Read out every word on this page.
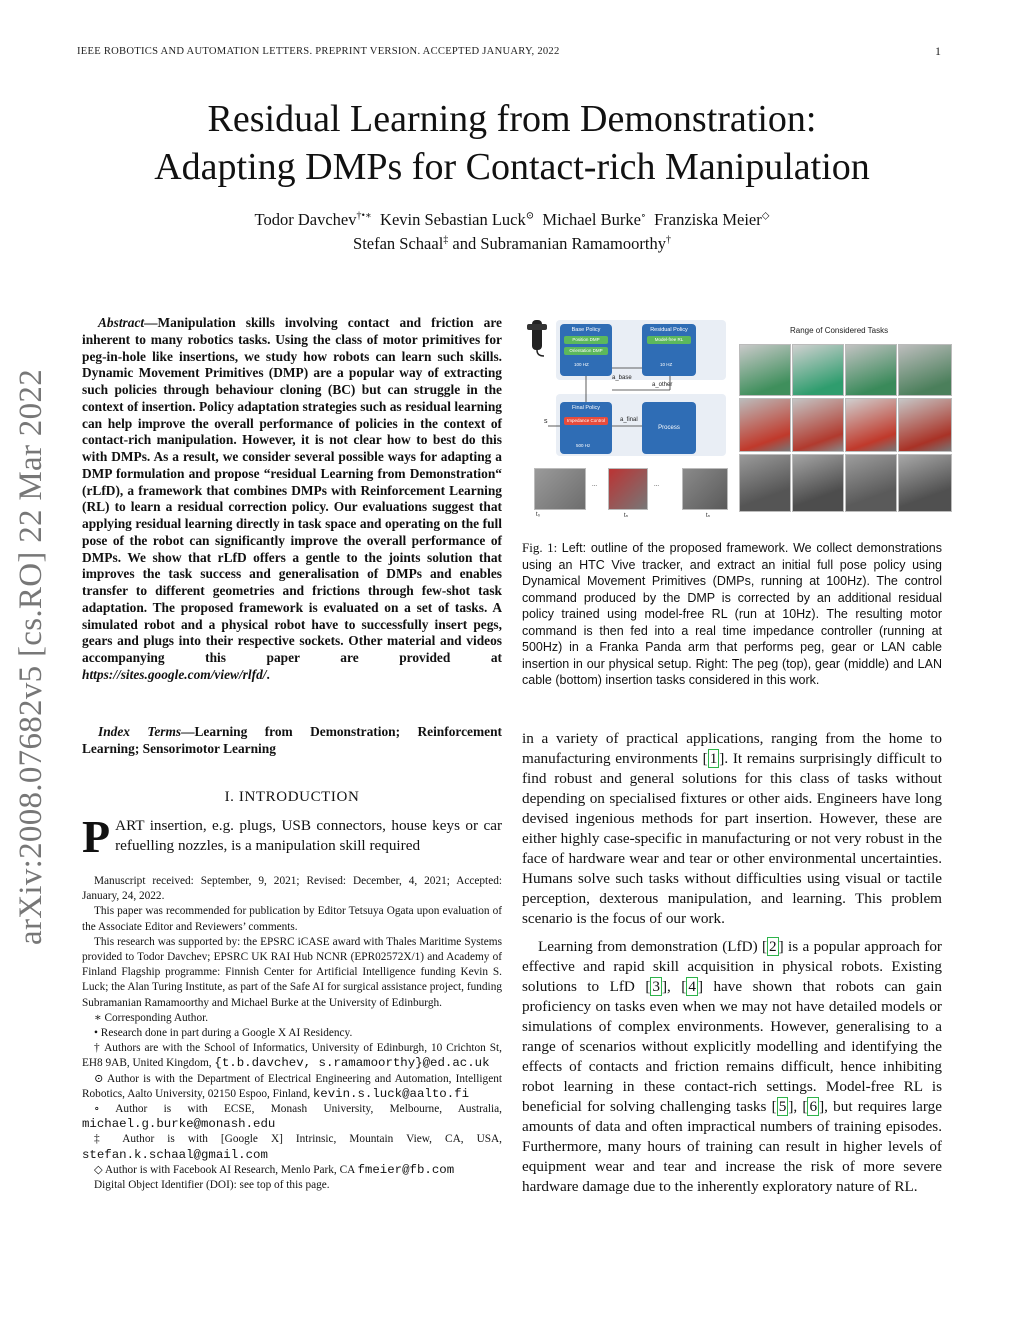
IEEE ROBOTICS AND AUTOMATION LETTERS. PREPRINT VERSION. ACCEPTED JANUARY, 2022	1
Residual Learning from Demonstration:
Adapting DMPs for Contact-rich Manipulation
Todor Davchev†•∗ Kevin Sebastian Luck⊙ Michael Burke∘ Franziska Meier◇
Stefan Schaal‡ and Subramanian Ramamoorthy†
arXiv:2008.07682v5 [cs.RO] 22 Mar 2022
Abstract—Manipulation skills involving contact and friction are inherent to many robotics tasks. Using the class of motor primitives for peg-in-hole like insertions, we study how robots can learn such skills. Dynamic Movement Primitives (DMP) are a popular way of extracting such policies through behaviour cloning (BC) but can struggle in the context of insertion. Policy adaptation strategies such as residual learning can help improve the overall performance of policies in the context of contact-rich manipulation. However, it is not clear how to best do this with DMPs. As a result, we consider several possible ways for adapting a DMP formulation and propose “residual Learning from Demonstration“ (rLfD), a framework that combines DMPs with Reinforcement Learning (RL) to learn a residual correction policy. Our evaluations suggest that applying residual learning directly in task space and operating on the full pose of the robot can significantly improve the overall performance of DMPs. We show that rLfD offers a gentle to the joints solution that improves the task success and generalisation of DMPs and enables transfer to different geometries and frictions through few-shot task adaptation. The proposed framework is evaluated on a set of tasks. A simulated robot and a physical robot have to successfully insert pegs, gears and plugs into their respective sockets. Other material and videos accompanying this paper are provided at https://sites.google.com/view/rlfd/.
Index Terms—Learning from Demonstration; Reinforcement Learning; Sensorimotor Learning
I. INTRODUCTION
PART insertion, e.g. plugs, USB connectors, house keys or car refuelling nozzles, is a manipulation skill required

Manuscript received: September, 9, 2021; Revised: December, 4, 2021; Accepted: January, 24, 2022.

This paper was recommended for publication by Editor Tetsuya Ogata upon evaluation of the Associate Editor and Reviewers’ comments.

This research was supported by: the EPSRC iCASE award with Thales Maritime Systems provided to Todor Davchev; EPSRC UK RAI Hub NCNR (EPR02572X/1) and Academy of Finland Flagship programme: Finnish Center for Artificial Intelligence funding Kevin S. Luck; the Alan Turing Institute, as part of the Safe AI for surgical assistance project, funding Subramanian Ramamoorthy and Michael Burke at the University of Edinburgh.

∗ Corresponding Author.

• Research done in part during a Google X AI Residency.

† Authors are with the School of Informatics, University of Edinburgh, 10 Crichton St, EH8 9AB, United Kingdom, {t.b.davchev, s.ramamoorthy}@ed.ac.uk

⊙ Author is with the Department of Electrical Engineering and Automation, Intelligent Robotics, Aalto University, 02150 Espoo, Finland, kevin.s.luck@aalto.fi

∘ Author is with ECSE, Monash University, Melbourne, Australia, michael.g.burke@monash.edu

‡ Author is with [Google X] Intrinsic, Mountain View, CA, USA, stefan.k.schaal@gmail.com

◇ Author is with Facebook AI Research, Menlo Park, CA fmeier@fb.com

Digital Object Identifier (DOI): see top of this page.

Base Policy
Position DMP
Orientation DMP
100 HZ
Residual Policy
Model-free RL
10 HZ
a_base
a_other
Final Policy
Impedance Control
500 Hz
s	a_final
Process
...	...
t₀	tₙ	tₙ
Range of Considered Tasks
Fig. 1: Left: outline of the proposed framework. We collect demonstrations using an HTC Vive tracker, and extract an initial full pose policy using Dynamical Movement Primitives (DMPs, running at 100Hz). The control command produced by the DMP is corrected by an additional residual policy trained using model-free RL (run at 10Hz). The resulting motor command is then fed into a real time impedance controller (running at 500Hz) in a Franka Panda arm that performs peg, gear or LAN cable insertion in our physical setup. Right: The peg (top), gear (middle) and LAN cable (bottom) insertion tasks considered in this work.

in a variety of practical applications, ranging from the home to manufacturing environments [ 1 ]. It remains surprisingly difficult to find robust and general solutions for this class of tasks without depending on specialised fixtures or other aids. Engineers have long devised ingenious methods for part insertion. However, these are either highly case-specific in manufacturing or not very robust in the face of hardware wear and tear or other environmental uncertainties. Humans solve such tasks without difficulties using visual or tactile perception, dexterous manipulation, and learning. This problem scenario is the focus of our work.

Learning from demonstration (LfD) [ 2 ] is a popular approach for effective and rapid skill acquisition in physical robots. Existing solutions to LfD [ 3 ], [ 4 ] have shown that robots can gain proficiency on tasks even when we may not have detailed models or simulations of complex environments. However, generalising to a range of scenarios without explicitly modelling and identifying the effects of contacts and friction remains difficult, hence inhibiting robot learning in these contact-rich settings. Model-free RL is beneficial for solving challenging tasks [ 5 ], [ 6 ], but requires large amounts of data and often impractical numbers of training episodes. Furthermore, many hours of training can result in higher levels of equipment wear and tear and increase the risk of more severe hardware damage due to the inherently exploratory nature of RL.
